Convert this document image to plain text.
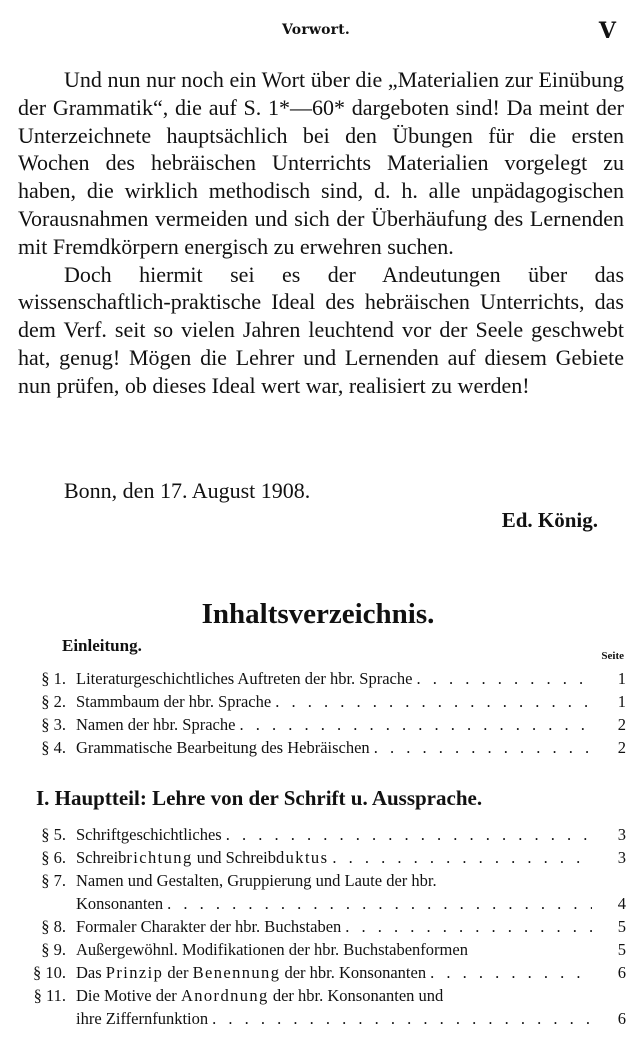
Vorwort.	V

Und nun nur noch ein Wort über die „Materialien zur Einübung der Grammatik“, die auf S. 1*—60* dargeboten sind! Da meint der Unterzeichnete hauptsächlich bei den Übungen für die ersten Wochen des hebräischen Unterrichts Materialien vorgelegt zu haben, die wirklich methodisch sind, d. h. alle unpädagogischen Vorausnahmen vermeiden und sich der Überhäufung des Lernenden mit Fremdkörpern energisch zu erwehren suchen.

Doch hiermit sei es der Andeutungen über das wissenschaftlich-praktische Ideal des hebräischen Unterrichts, das dem Verf. seit so vielen Jahren leuchtend vor der Seele geschwebt hat, genug! Mögen die Lehrer und Lernenden auf diesem Gebiete nun prüfen, ob dieses Ideal wert war, realisiert zu werden!

Bonn, den 17. August 1908.
Ed. König.
Inhaltsverzeichnis.
Einleitung.
Seite
§ 1. Literaturgeschichtliches Auftreten der hbr. Sprache . . .	1
§ 2. Stammbaum der hbr. Sprache . . .	1
§ 3. Namen der hbr. Sprache . . .	2
§ 4. Grammatische Bearbeitung des Hebräischen . . .	2
I. Hauptteil: Lehre von der Schrift u. Aussprache.
§ 5. Schriftgeschichtliches . . .	3
§ 6. Schreibrichtung und Schreibduktus . . .	3
§ 7. Namen und Gestalten, Gruppierung und Laute der hbr.
Konsonanten . . .	4
§ 8. Formaler Charakter der hbr. Buchstaben . . .	5
§ 9. Außergewöhnl. Modifikationen der hbr. Buchstabenformen	5
§ 10. Das Prinzip der Benennung der hbr. Konsonanten . . .	6
§ 11. Die Motive der Anordnung der hbr. Konsonanten und
ihre Ziffernfunktion . . .	6
